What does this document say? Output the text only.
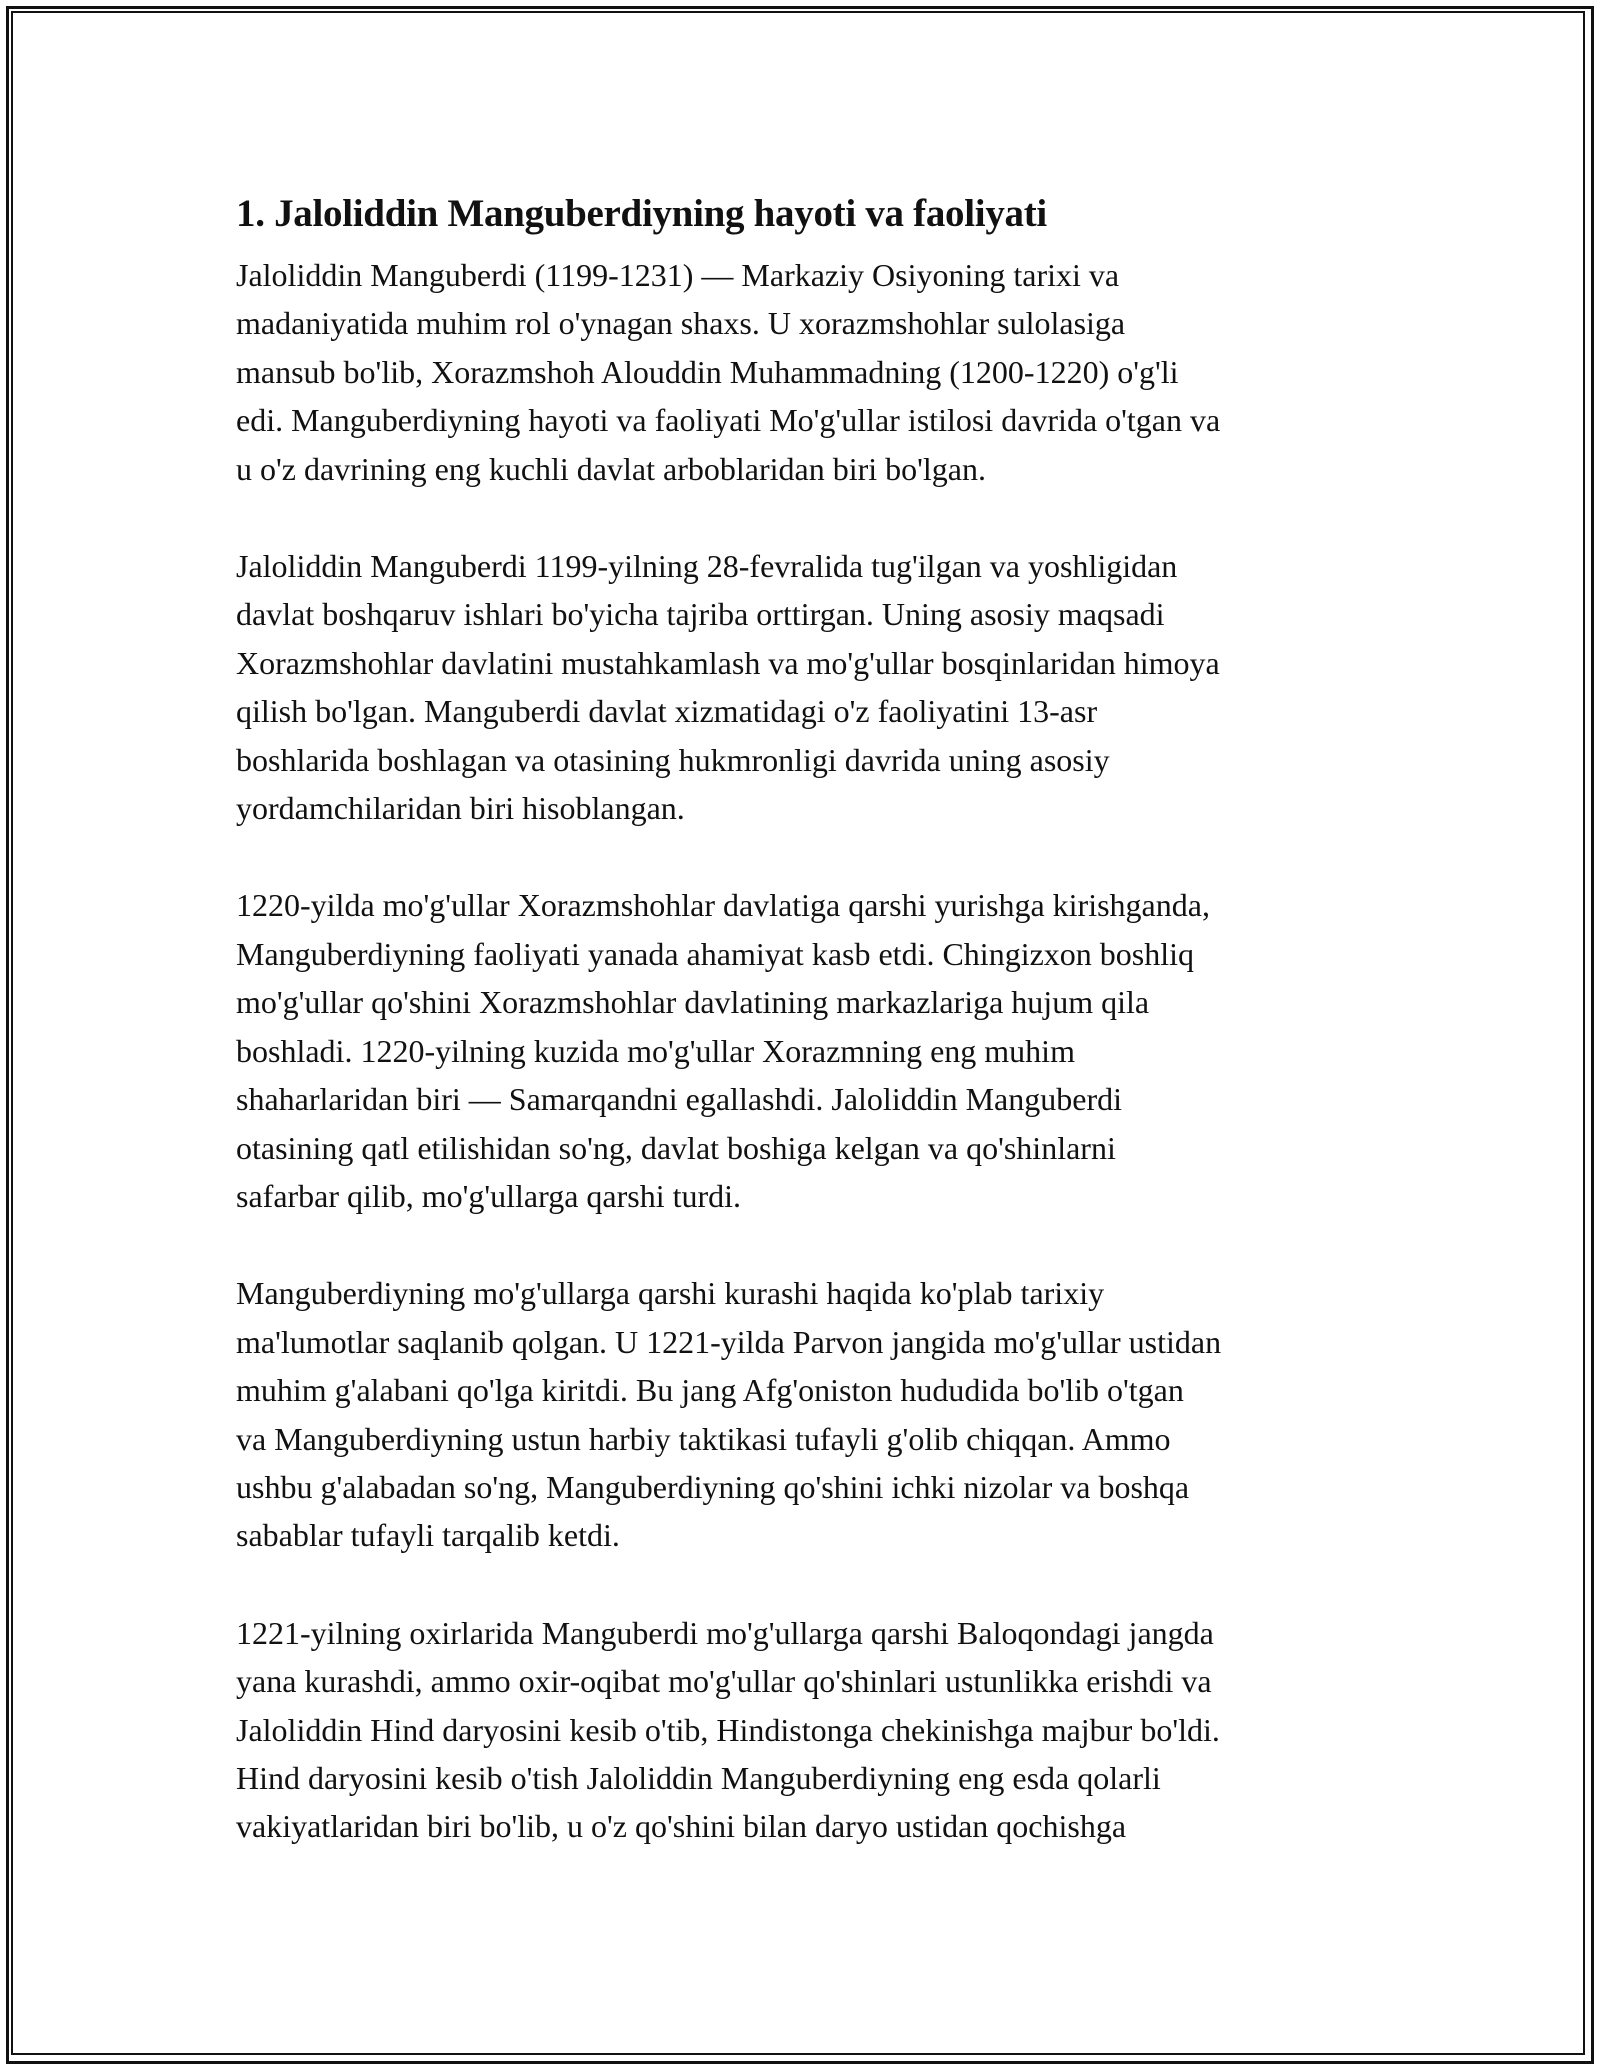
1. Jaloliddin Manguberdiyning hayoti va faoliyati

Jaloliddin Manguberdi (1199-1231) — Markaziy Osiyoning tarixi va
madaniyatida muhim rol o'ynagan shaxs. U xorazmshohlar sulolasiga
mansub bo'lib, Xorazmshoh Alouddin Muhammadning (1200-1220) o'g'li
edi. Manguberdiyning hayoti va faoliyati Mo'g'ullar istilosi davrida o'tgan va
u o'z davrining eng kuchli davlat arboblaridan biri bo'lgan.

Jaloliddin Manguberdi 1199-yilning 28-fevralida tug'ilgan va yoshligidan
davlat boshqaruv ishlari bo'yicha tajriba orttirgan. Uning asosiy maqsadi
Xorazmshohlar davlatini mustahkamlash va mo'g'ullar bosqinlaridan himoya
qilish bo'lgan. Manguberdi davlat xizmatidagi o'z faoliyatini 13-asr
boshlarida boshlagan va otasining hukmronligi davrida uning asosiy
yordamchilaridan biri hisoblangan.

1220-yilda mo'g'ullar Xorazmshohlar davlatiga qarshi yurishga kirishganda,
Manguberdiyning faoliyati yanada ahamiyat kasb etdi. Chingizxon boshliq
mo'g'ullar qo'shini Xorazmshohlar davlatining markazlariga hujum qila
boshladi. 1220-yilning kuzida mo'g'ullar Xorazmning eng muhim
shaharlaridan biri — Samarqandni egallashdi. Jaloliddin Manguberdi
otasining qatl etilishidan so'ng, davlat boshiga kelgan va qo'shinlarni
safarbar qilib, mo'g'ullarga qarshi turdi.

Manguberdiyning mo'g'ullarga qarshi kurashi haqida ko'plab tarixiy
ma'lumotlar saqlanib qolgan. U 1221-yilda Parvon jangida mo'g'ullar ustidan
muhim g'alabani qo'lga kiritdi. Bu jang Afg'oniston hududida bo'lib o'tgan
va Manguberdiyning ustun harbiy taktikasi tufayli g'olib chiqqan. Ammo
ushbu g'alabadan so'ng, Manguberdiyning qo'shini ichki nizolar va boshqa
sabablar tufayli tarqalib ketdi.

1221-yilning oxirlarida Manguberdi mo'g'ullarga qarshi Baloqondagi jangda
yana kurashdi, ammo oxir-oqibat mo'g'ullar qo'shinlari ustunlikka erishdi va
Jaloliddin Hind daryosini kesib o'tib, Hindistonga chekinishga majbur bo'ldi.
Hind daryosini kesib o'tish Jaloliddin Manguberdiyning eng esda qolarli
vakiyatlaridan biri bo'lib, u o'z qo'shini bilan daryo ustidan qochishga
